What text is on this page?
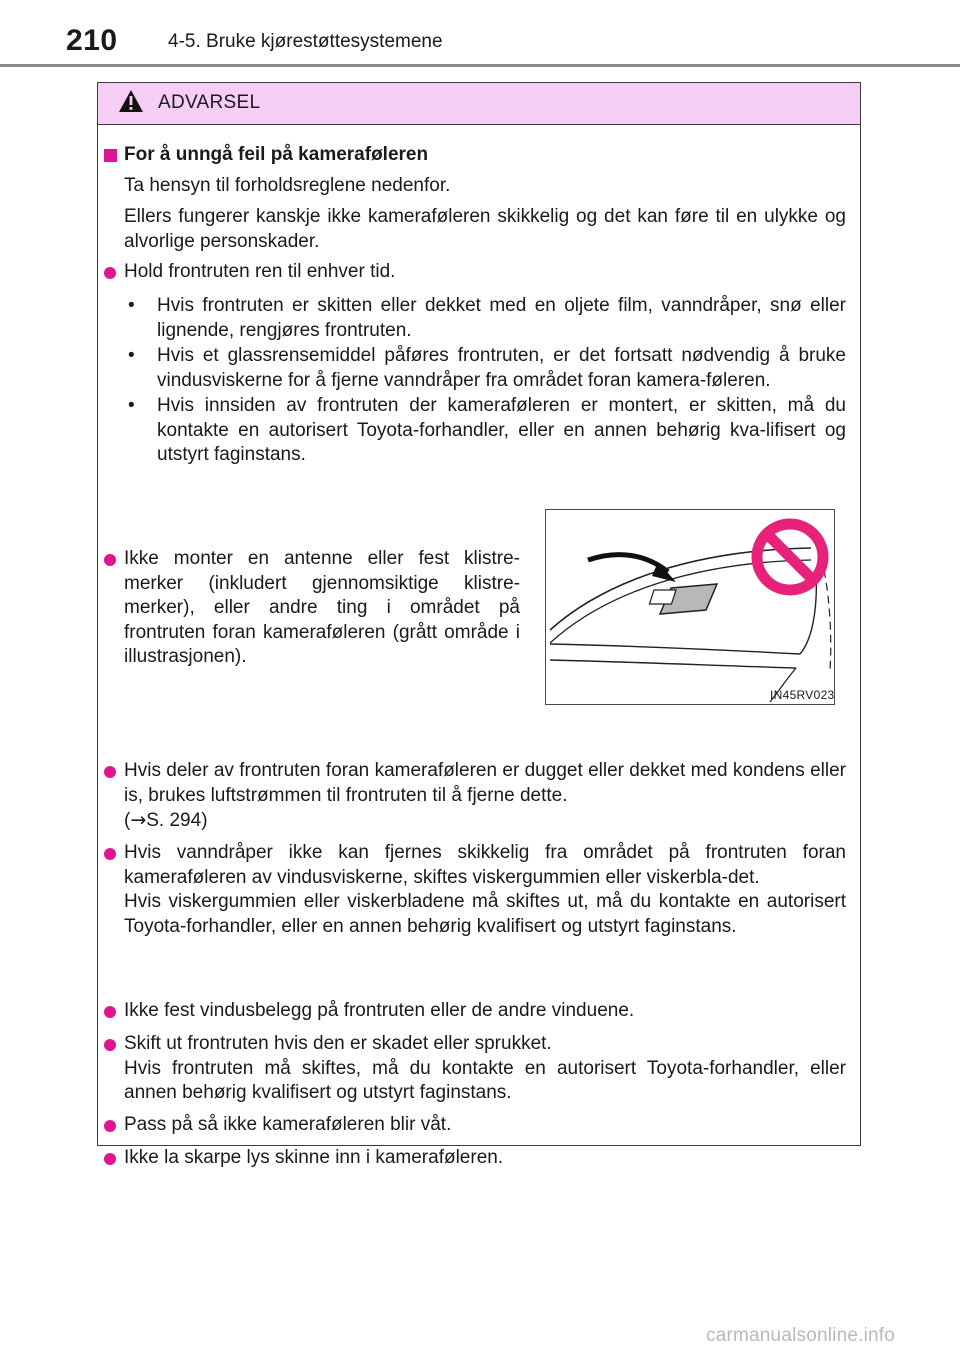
210	4-5. Bruke kjørestøttesystemene
ADVARSEL
For å unngå feil på kameraføleren
Ta hensyn til forholdsreglene nedenfor.
Ellers fungerer kanskje ikke kameraføleren skikkelig og det kan føre til en ulykke og alvorlige personskader.
Hold frontruten ren til enhver tid.
• Hvis frontruten er skitten eller dekket med en oljete film, vanndråper, snø eller lignende, rengjøres frontruten.
• Hvis et glassrensemiddel påføres frontruten, er det fortsatt nødvendig å bruke vindusviskerne for å fjerne vanndråper fra området foran kamera-føleren.
• Hvis innsiden av frontruten der kameraføleren er montert, er skitten, må du kontakte en autorisert Toyota-forhandler, eller en annen behørig kva-lifisert og utstyrt faginstans.
Ikke monter en antenne eller fest klistre-merker (inkludert gjennomsiktige klistre-merker), eller andre ting i området på frontruten foran kameraføleren (grått område i illustrasjonen).
Hvis deler av frontruten foran kameraføleren er dugget eller dekket med kondens eller is, brukes luftstrømmen til frontruten til å fjerne dette.
(→S. 294)
Hvis vanndråper ikke kan fjernes skikkelig fra området på frontruten foran kameraføleren av vindusviskerne, skiftes viskergummien eller viskerbla-det.
Hvis viskergummien eller viskerbladene må skiftes ut, må du kontakte en autorisert Toyota-forhandler, eller en annen behørig kvalifisert og utstyrt faginstans.
Ikke fest vindusbelegg på frontruten eller de andre vinduene.
Skift ut frontruten hvis den er skadet eller sprukket.
Hvis frontruten må skiftes, må du kontakte en autorisert Toyota-forhandler, eller annen behørig kvalifisert og utstyrt faginstans.
Pass på så ikke kameraføleren blir våt.
Ikke la skarpe lys skinne inn i kameraføleren.
IN45RV023
carmanualsonline.info
